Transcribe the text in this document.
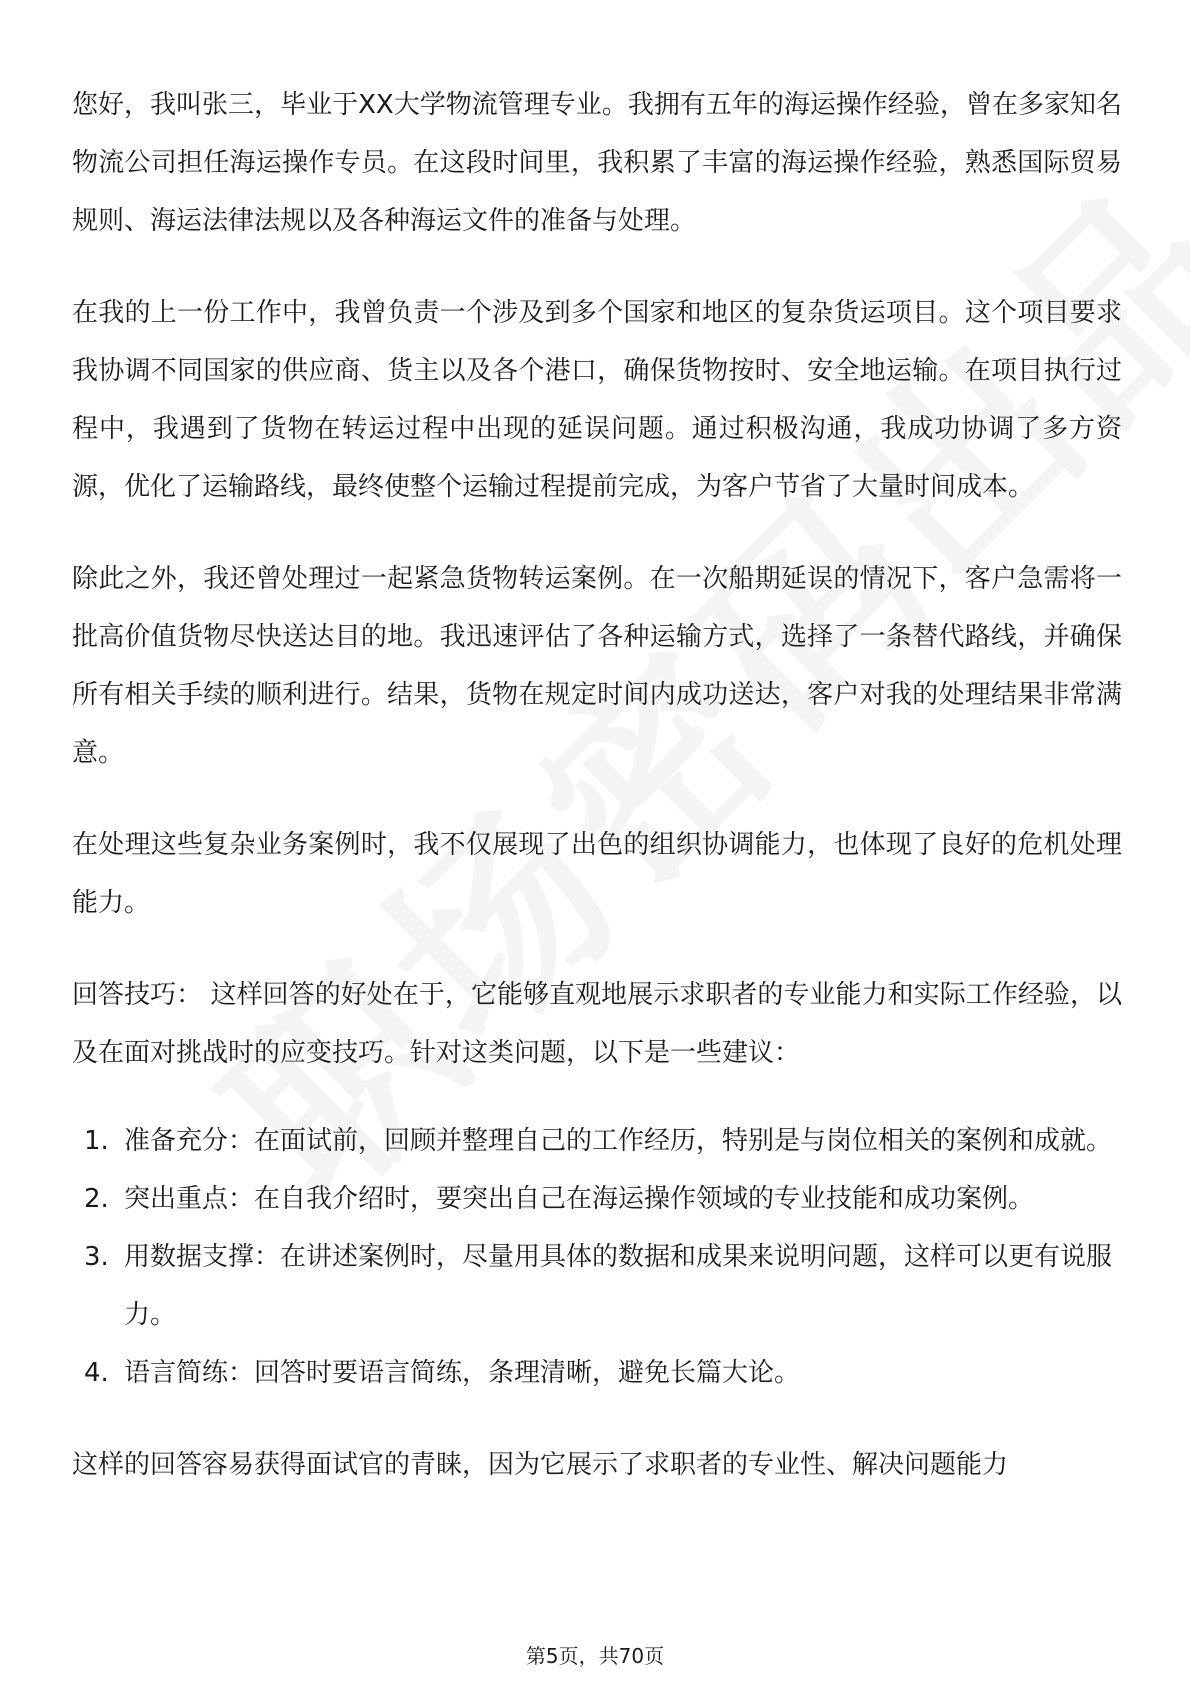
您好，我叫张三，毕业于XX大学物流管理专业。我拥有五年的海运操作经验，曾在多家知名物流公司担任海运操作专员。在这段时间里，我积累了丰富的海运操作经验，熟悉国际贸易规则、海运法律法规以及各种海运文件的准备与处理。

在我的上一份工作中，我曾负责一个涉及到多个国家和地区的复杂货运项目。这个项目要求我协调不同国家的供应商、货主以及各个港口，确保货物按时、安全地运输。在项目执行过程中，我遇到了货物在转运过程中出现的延误问题。通过积极沟通，我成功协调了多方资源，优化了运输路线，最终使整个运输过程提前完成，为客户节省了大量时间成本。

除此之外，我还曾处理过一起紧急货物转运案例。在一次船期延误的情况下，客户急需将一批高价值货物尽快送达目的地。我迅速评估了各种运输方式，选择了一条替代路线，并确保所有相关手续的顺利进行。结果，货物在规定时间内成功送达，客户对我的处理结果非常满意。

在处理这些复杂业务案例时，我不仅展现了出色的组织协调能力，也体现了良好的危机处理能力。

回答技巧： 这样回答的好处在于，它能够直观地展示求职者的专业能力和实际工作经验，以及在面对挑战时的应变技巧。针对这类问题，以下是一些建议：

1. 准备充分：在面试前，回顾并整理自己的工作经历，特别是与岗位相关的案例和成就。
2. 突出重点：在自我介绍时，要突出自己在海运操作领域的专业技能和成功案例。
3. 用数据支撑：在讲述案例时，尽量用具体的数据和成果来说明问题，这样可以更有说服力。
4. 语言简练：回答时要语言简练，条理清晰，避免长篇大论。

这样的回答容易获得面试官的青睐，因为它展示了求职者的专业性、解决问题能力

第5页，共70页
